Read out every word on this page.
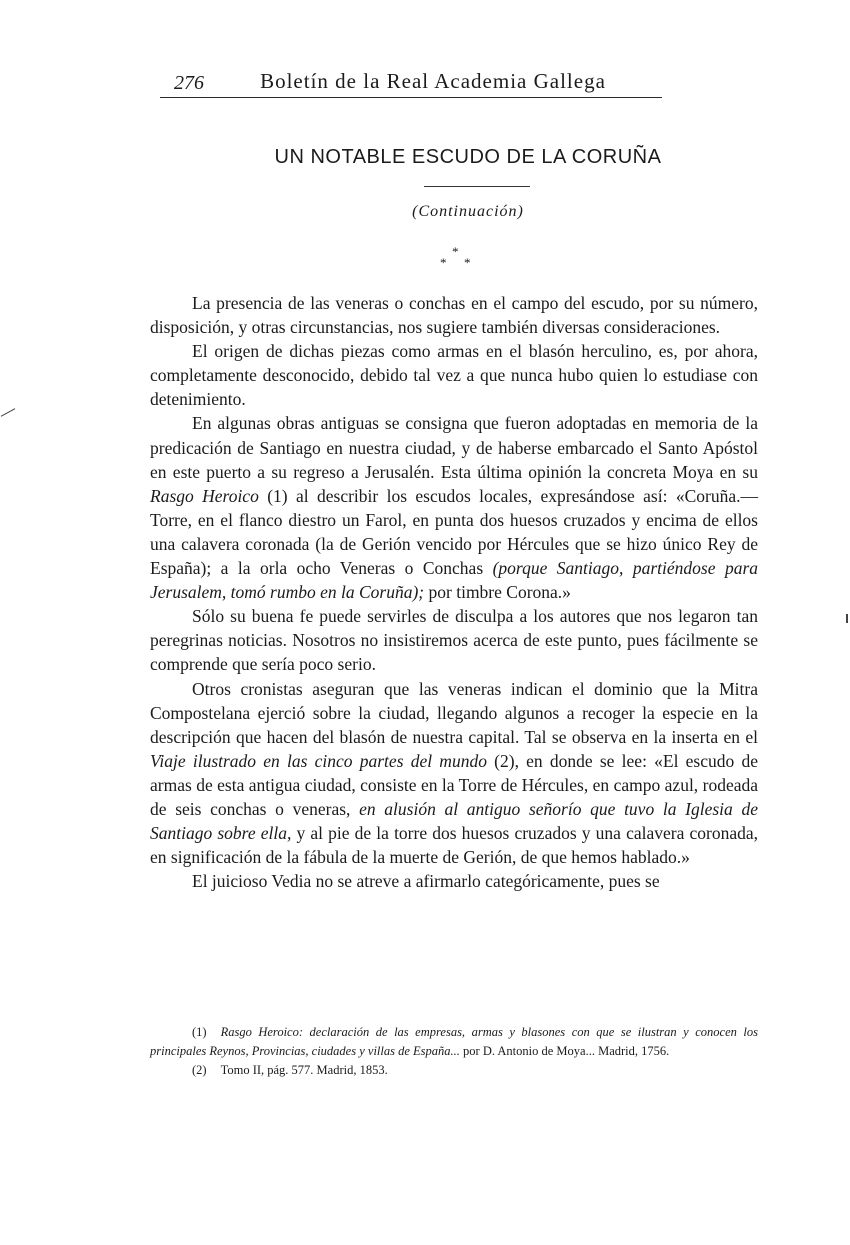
276	Boletín de la Real Academia Gallega
UN NOTABLE ESCUDO DE LA CORUÑA
(Continuación)
*
* *

La presencia de las veneras o conchas en el campo del escudo, por su número, disposición, y otras circunstancias, nos sugiere también diversas consideraciones.

El origen de dichas piezas como armas en el blasón herculino, es, por ahora, completamente desconocido, debido tal vez a que nunca hubo quien lo estudiase con detenimiento.

En algunas obras antiguas se consigna que fueron adoptadas en memoria de la predicación de Santiago en nuestra ciudad, y de haberse embarcado el Santo Apóstol en este puerto a su regreso a Jerusalén. Esta última opinión la concreta Moya en su Rasgo Heroico (1) al describir los escudos locales, expresándose así: «Coruña.—Torre, en el flanco diestro un Farol, en punta dos huesos cruzados y encima de ellos una calavera coronada (la de Gerión vencido por Hércules que se hizo único Rey de España); a la orla ocho Veneras o Conchas (porque Santiago, partiéndose para Jerusalem, tomó rumbo en la Coruña); por timbre Corona.»

Sólo su buena fe puede servirles de disculpa a los autores que nos legaron tan peregrinas noticias. Nosotros no insistiremos acerca de este punto, pues fácilmente se comprende que sería poco serio.

Otros cronistas aseguran que las veneras indican el dominio que la Mitra Compostelana ejerció sobre la ciudad, llegando algunos a recoger la especie en la descripción que hacen del blasón de nuestra capital. Tal se observa en la inserta en el Viaje ilustrado en las cinco partes del mundo (2), en donde se lee: «El escudo de armas de esta antigua ciudad, consiste en la Torre de Hércules, en campo azul, rodeada de seis conchas o veneras, en alusión al antiguo señorío que tuvo la Iglesia de Santiago sobre ella, y al pie de la torre dos huesos cruzados y una calavera coronada, en significación de la fábula de la muerte de Gerión, de que hemos hablado.»

El juicioso Vedia no se atreve a afirmarlo categóricamente, pues se

(1) Rasgo Heroico: declaración de las empresas, armas y blasones con que se ilustran y conocen los principales Reynos, Provincias, ciudades y villas de España... por D. Antonio de Moya... Madrid, 1756.

(2) Tomo II, pág. 577. Madrid, 1853.
